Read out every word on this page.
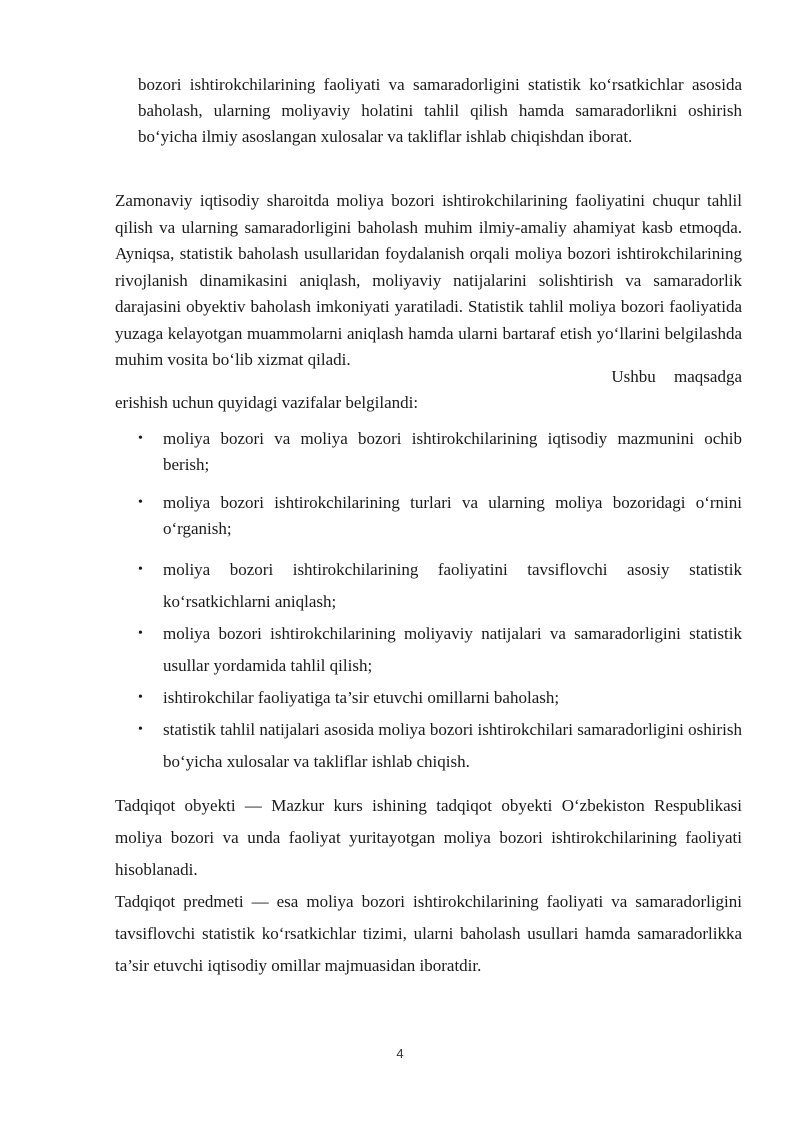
bozori ishtirokchilarining faoliyati va samaradorligini statistik ko‘rsatkichlar asosida baholash, ularning moliyaviy holatini tahlil qilish hamda samaradorlikni oshirish bo‘yicha ilmiy asoslangan xulosalar va takliflar ishlab chiqishdan iborat.

Zamonaviy iqtisodiy sharoitda moliya bozori ishtirokchilarining faoliyatini chuqur tahlil qilish va ularning samaradorligini baholash muhim ilmiy-amaliy ahamiyat kasb etmoqda. Ayniqsa, statistik baholash usullaridan foydalanish orqali moliya bozori ishtirokchilarining rivojlanish dinamikasini aniqlash, moliyaviy natijalarini solishtirish va samaradorlik darajasini obyektiv baholash imkoniyati yaratiladi. Statistik tahlil moliya bozori faoliyatida yuzaga kelayotgan muammolarni aniqlash hamda ularni bartaraf etish yo‘llarini belgilashda muhim vosita bo‘lib xizmat qiladi.

Ushbu maqsadga
erishish uchun quyidagi vazifalar belgilandi:
• moliya bozori va moliya bozori ishtirokchilarining iqtisodiy mazmunini ochib berish;
• moliya bozori ishtirokchilarining turlari va ularning moliya bozoridagi o‘rnini o‘rganish;
• moliya bozori ishtirokchilarining faoliyatini tavsiflovchi asosiy statistik ko‘rsatkichlarni aniqlash;
• moliya bozori ishtirokchilarining moliyaviy natijalari va samaradorligini statistik usullar yordamida tahlil qilish;
• ishtirokchilar faoliyatiga ta’sir etuvchi omillarni baholash;
• statistik tahlil natijalari asosida moliya bozori ishtirokchilari samaradorligini oshirish bo‘yicha xulosalar va takliflar ishlab chiqish.

Tadqiqot obyekti — Mazkur kurs ishining tadqiqot obyekti O‘zbekiston Respublikasi moliya bozori va unda faoliyat yuritayotgan moliya bozori ishtirokchilarining faoliyati hisoblanadi.

Tadqiqot predmeti — esa moliya bozori ishtirokchilarining faoliyati va samaradorligini tavsiflovchi statistik ko‘rsatkichlar tizimi, ularni baholash usullari hamda samaradorlikka ta’sir etuvchi iqtisodiy omillar majmuasidan iboratdir.

4
